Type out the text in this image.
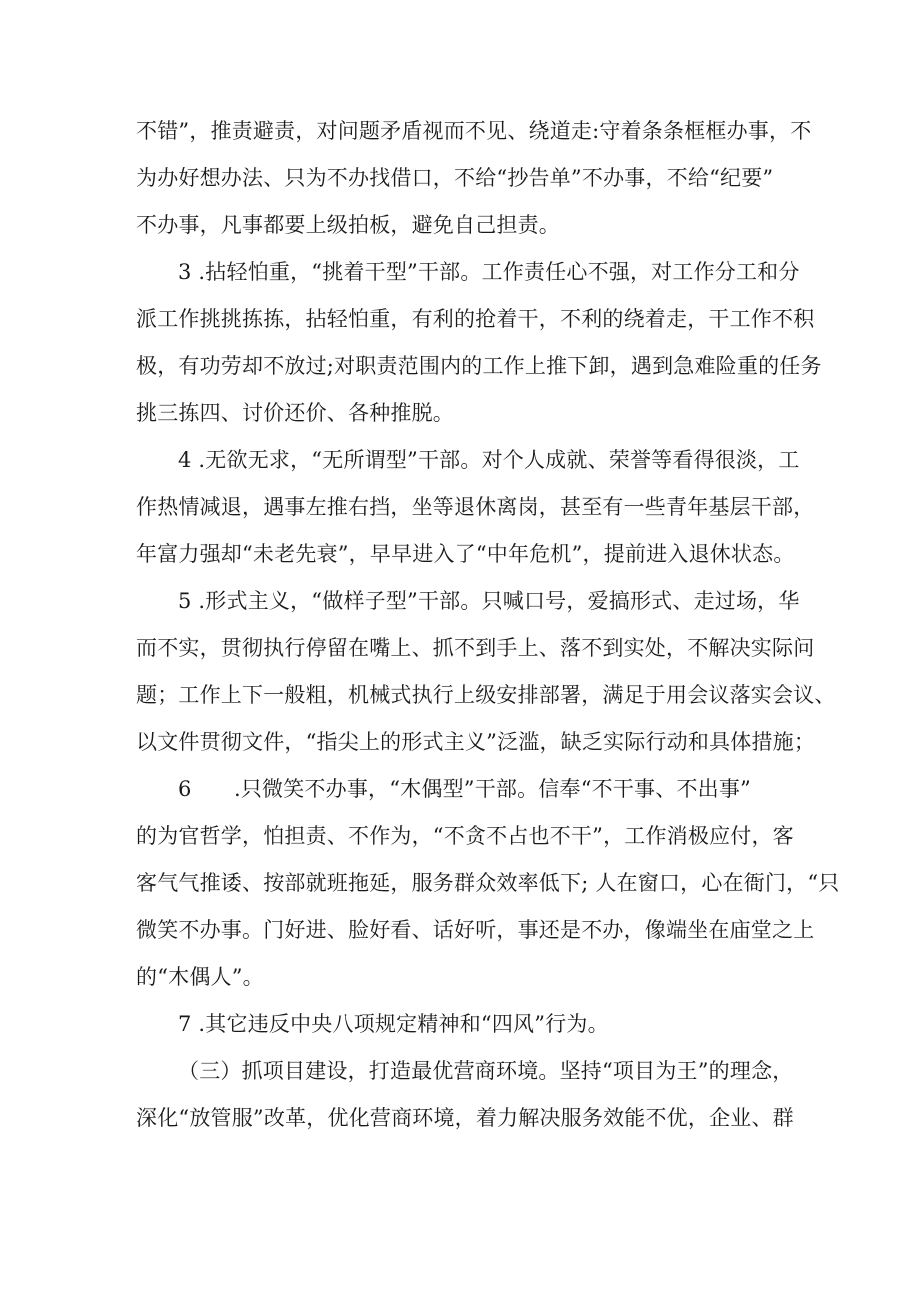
不错”，推责避责，对问题矛盾视而不见、绕道走:守着条条框框办事，不
为办好想办法、只为不办找借口，不给“抄告单”不办事，不给“纪要”
不办事，凡事都要上级拍板，避免自己担责。
3 .拈轻怕重，“挑着干型”干部。工作责任心不强，对工作分工和分
派工作挑挑拣拣，拈轻怕重，有利的抢着干，不利的绕着走，干工作不积
极，有功劳却不放过;对职责范围内的工作上推下卸，遇到急难险重的任务
挑三拣四、讨价还价、各种推脱。
4 .无欲无求，“无所谓型”干部。对个人成就、荣誉等看得很淡，工
作热情减退，遇事左推右挡，坐等退休离岗，甚至有一些青年基层干部，
年富力强却“未老先衰”，早早进入了“中年危机”，提前进入退休状态。
5 .形式主义，“做样子型”干部。只喊口号，爱搞形式、走过场，华
而不实，贯彻执行停留在嘴上、抓不到手上、落不到实处，不解决实际问
题；工作上下一般粗，机械式执行上级安排部署，满足于用会议落实会议、
以文件贯彻文件，“指尖上的形式主义”泛滥，缺乏实际行动和具体措施；
6　　.只微笑不办事，“木偶型”干部。信奉“不干事、不出事”
的为官哲学，怕担责、不作为，“不贪不占也不干”，工作消极应付，客
客气气推诿、按部就班拖延，服务群众效率低下; 人在窗口，心在衙门，“只
微笑不办事。门好进、脸好看、话好听，事还是不办，像端坐在庙堂之上
的“木偶人”。
7 .其它违反中央八项规定精神和“四风”行为。
（三）抓项目建设，打造最优营商环境。坚持“项目为王”的理念，
深化“放管服”改革，优化营商环境，着力解决服务效能不优，企业、群
